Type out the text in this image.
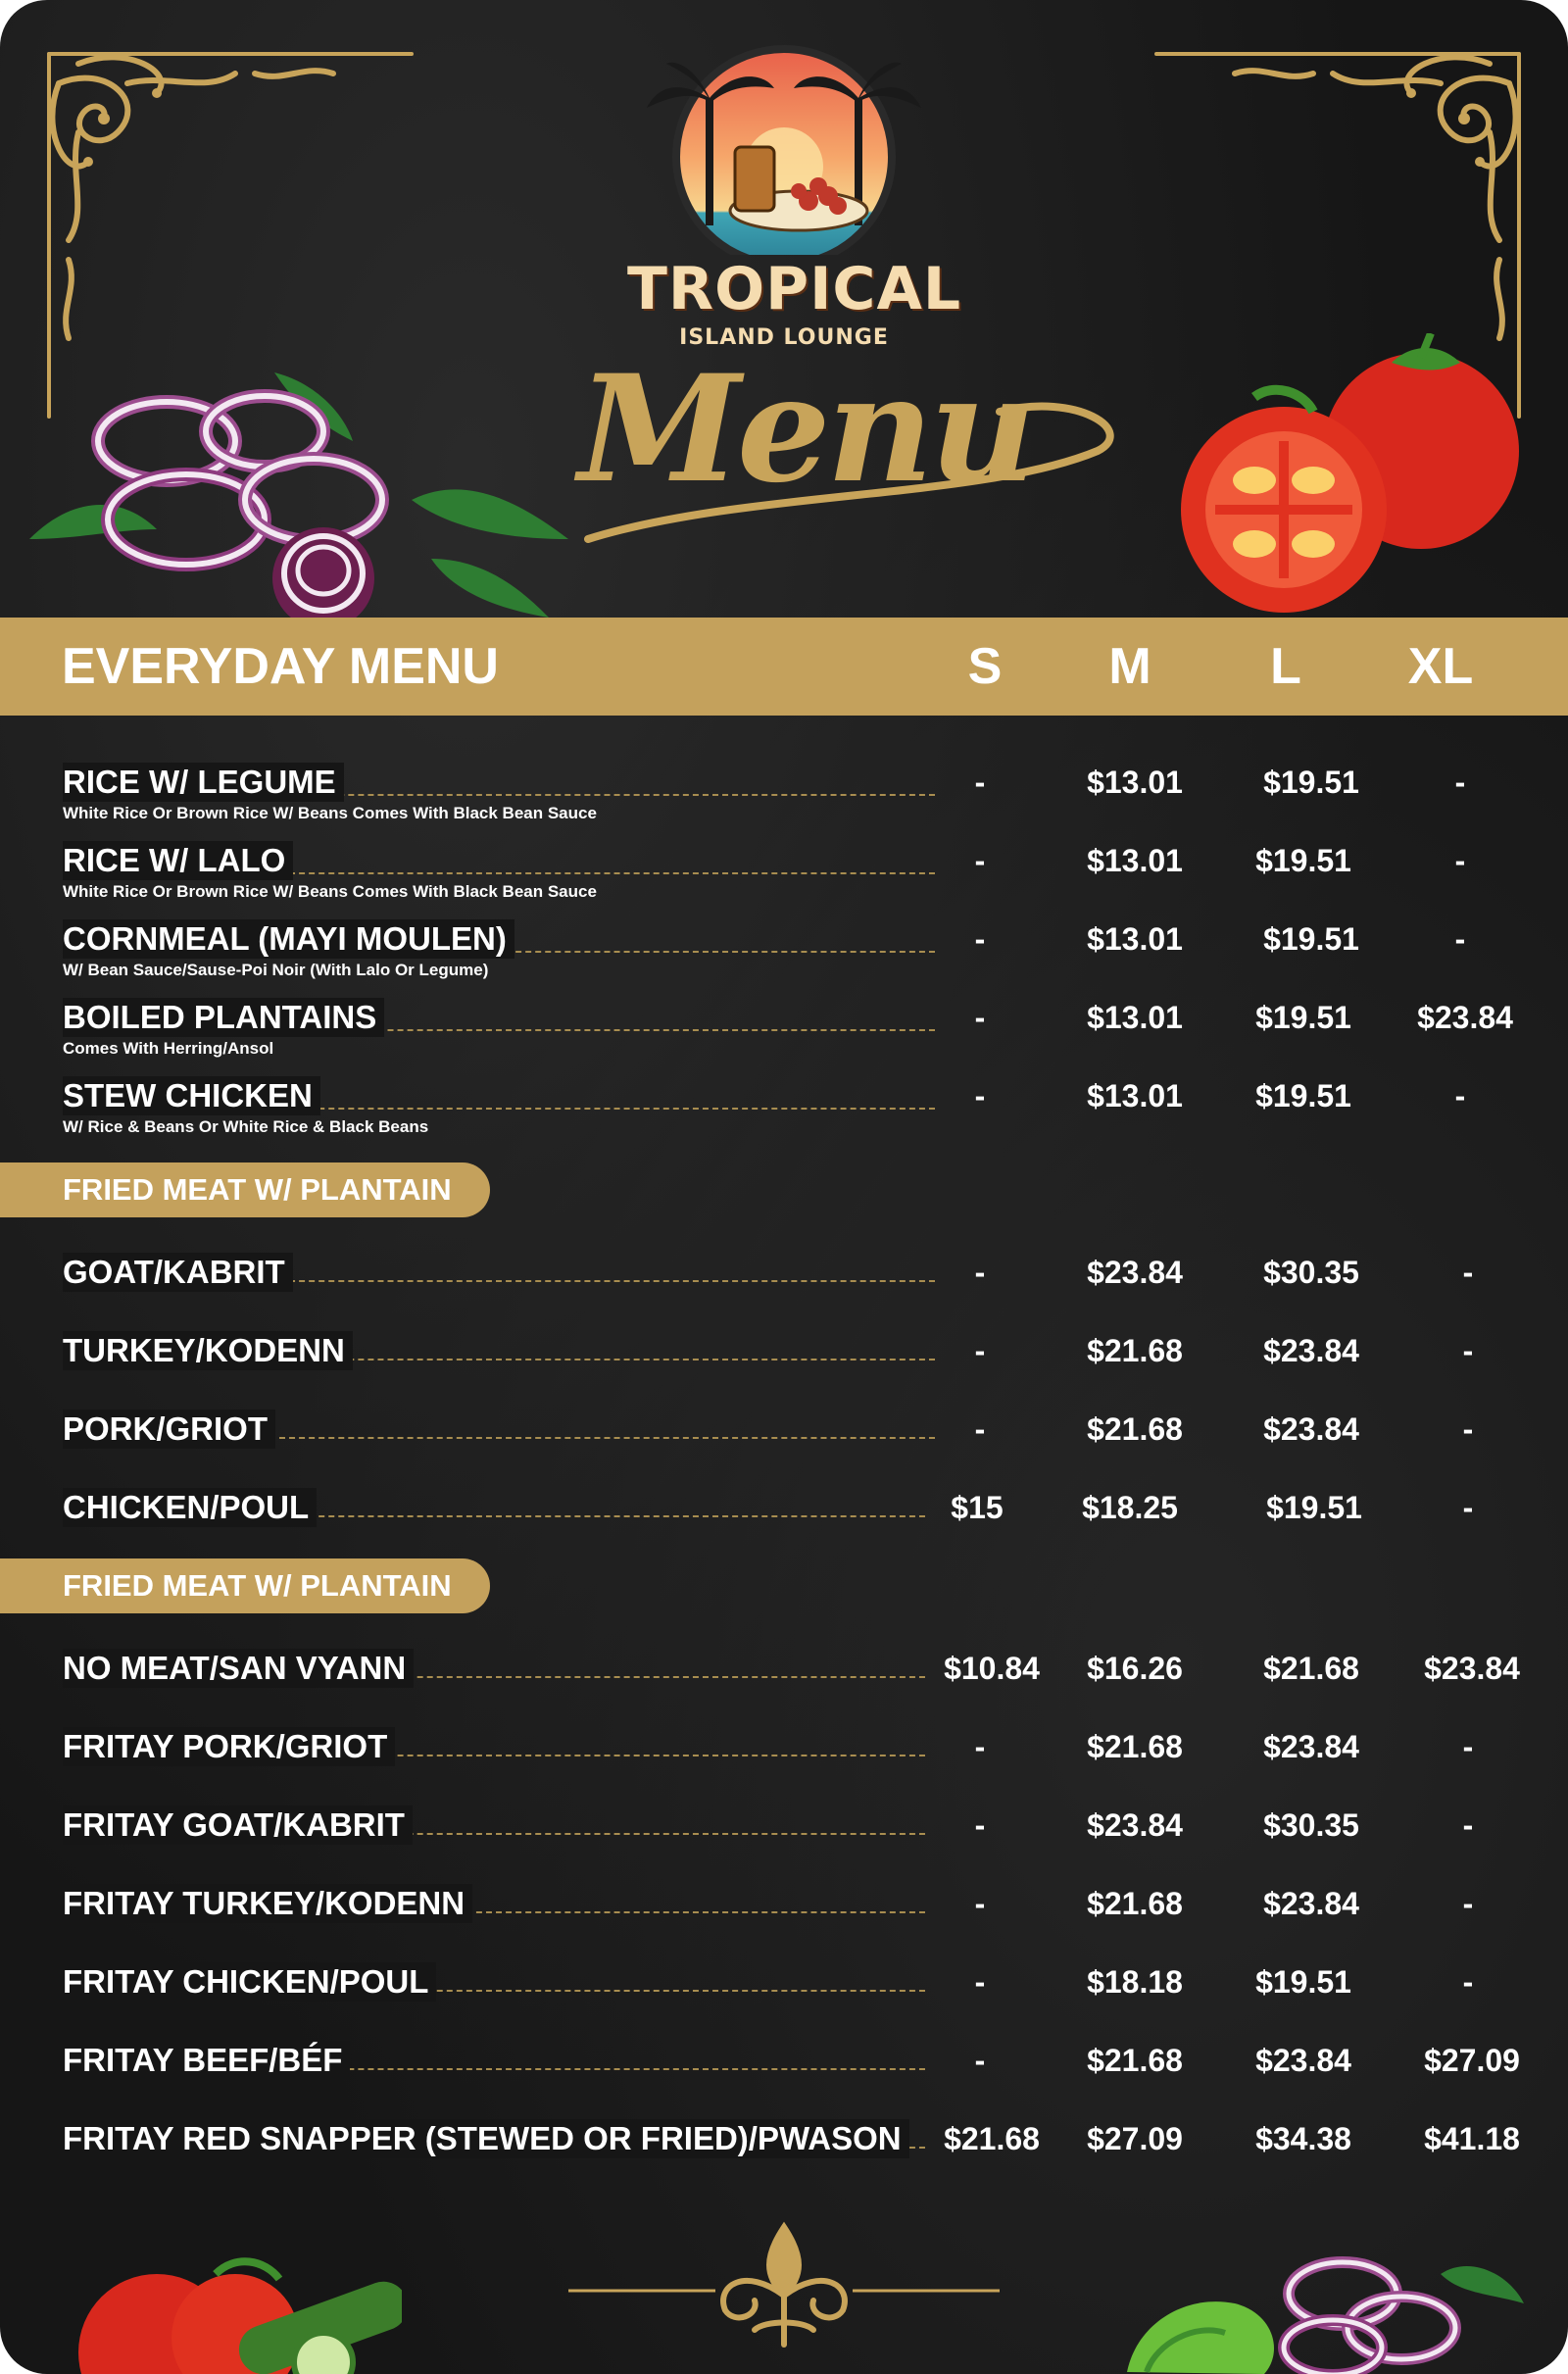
TROPICAL
ISLAND LOUNGE
Menu
EVERYDAY MENU	S	M	L	XL
RICE W/ LEGUME
White Rice Or Brown Rice W/ Beans Comes With Black Bean Sauce
-	$13.01	$19.51	-
RICE W/ LALO
White Rice Or Brown Rice W/ Beans Comes With Black Bean Sauce
-	$13.01	$19.51	-
CORNMEAL (MAYI MOULEN)
W/ Bean Sauce/Sause-Poi Noir (With Lalo Or Legume)
-	$13.01	$19.51	-
BOILED PLANTAINS
Comes With Herring/Ansol
-	$13.01	$19.51	$23.84
STEW CHICKEN
W/ Rice & Beans Or White Rice & Black Beans
-	$13.01	$19.51	-
FRIED MEAT W/ PLANTAIN
GOAT/KABRIT	-	$23.84	$30.35	-
TURKEY/KODENN	-	$21.68	$23.84	-
PORK/GRIOT	-	$21.68	$23.84	-
CHICKEN/POUL	$15	$18.25	$19.51	-
FRIED MEAT W/ PLANTAIN
NO MEAT/SAN VYANN	$10.84	$16.26	$21.68	$23.84
FRITAY PORK/GRIOT	-	$21.68	$23.84	-
FRITAY GOAT/KABRIT	-	$23.84	$30.35	-
FRITAY TURKEY/KODENN	-	$21.68	$23.84	-
FRITAY CHICKEN/POUL	-	$18.18	$19.51	-
FRITAY BEEF/BÉF	-	$21.68	$23.84	$27.09
FRITAY RED SNAPPER (STEWED OR FRIED)/PWASON	$21.68	$27.09	$34.38	$41.18
